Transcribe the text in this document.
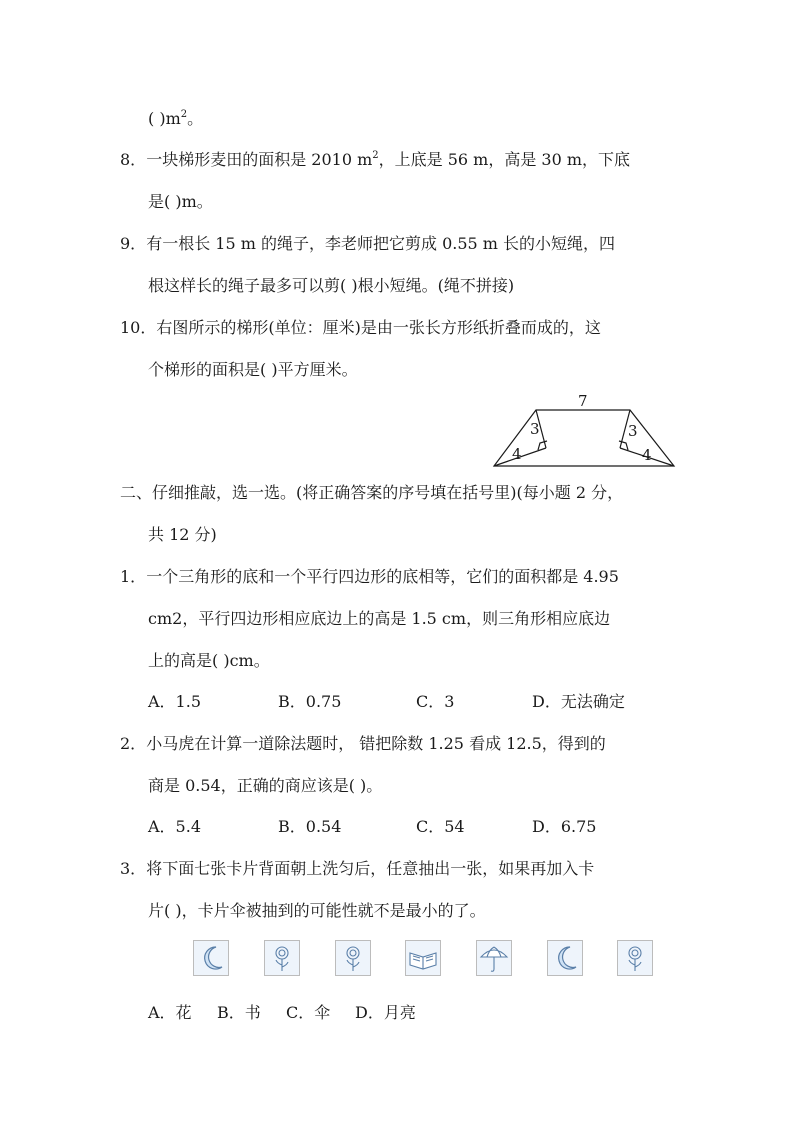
( )$m^2$。
8．一块梯形麦田的面积是 2010 $m^2$，上底是 56 m，高是 30 m，下底
是( )m。
9．有一根长 15 m 的绳子，李老师把它剪成 0.55 m 长的小短绳，四
根这样长的绳子最多可以剪( )根小短绳。(绳不拼接)
10．右图所示的梯形(单位：厘米)是由一张长方形纸折叠而成的，这
个梯形的面积是( )平方厘米。
7
3
4
3
4
二、仔细推敲，选一选。(将正确答案的序号填在括号里)(每小题 2 分，
共 12 分)
1．一个三角形的底和一个平行四边形的底相等，它们的面积都是 4.95
cm2，平行四边形相应底边上的高是 1.5 cm，则三角形相应底边
上的高是( )cm。
A．1.5	B．0.75	C．3	D．无法确定
2．小马虎在计算一道除法题时， 错把除数 1.25 看成 12.5，得到的
商是 0.54，正确的商应该是( )。
A．5.4	B．0.54	C．54	D．6.75
3．将下面七张卡片背面朝上洗匀后，任意抽出一张，如果再加入卡
片( )，卡片伞被抽到的可能性就不是最小的了。
A．花 B．书 C．伞 D．月亮
